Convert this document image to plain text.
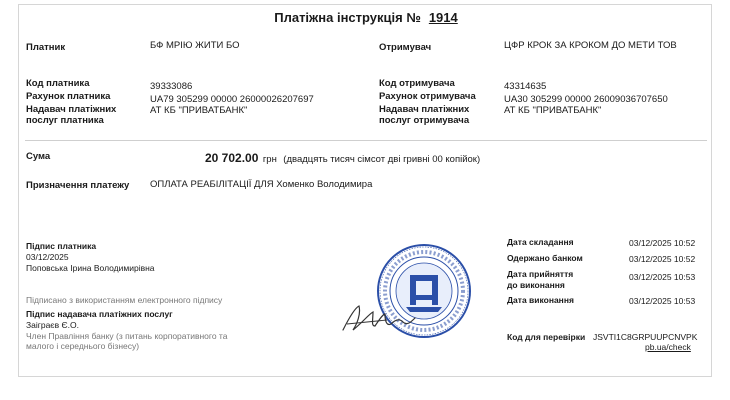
Платіжна інструкція № 1914
Платник	БФ МРІЮ ЖИТИ БО	Отримувач	ЦФР КРОК ЗА КРОКОМ ДО МЕТИ ТОВ
Код платника	39333086
Рахунок платника	UA79 305299 00000 26000026207697
Надавач платіжних
послуг платника
АТ КБ "ПРИВАТБАНК"
Код отримувача	43314635
Рахунок отримувача	UA30 305299 00000 26009036707650
Надавач платіжних
послуг отримувача
АТ КБ "ПРИВАТБАНК"
Сума	20 702.00 грн (двадцять тисяч сімсот дві гривні 00 копійок)
Призначення платежу ОПЛАТА РЕАБІЛІТАЦІЇ ДЛЯ Хоменко Володимира
Підпис платника
03/12/2025
Поповська Ірина Володимирівна
Підписано з використанням електронного підпису
Підпис надавача платіжних послуг
Заіграєв Є.О.
Член Правління банку (з питань корпоративного та
малого і середнього бізнесу)
Дата складання	03/12/2025 10:52
Одержано банком	03/12/2025 10:52
Дата прийняття
до виконання
03/12/2025 10:53
Дата виконання	03/12/2025 10:53
Код для перевірки JSVTI1C8GRPUUPCNVPK
pb.ua/check
